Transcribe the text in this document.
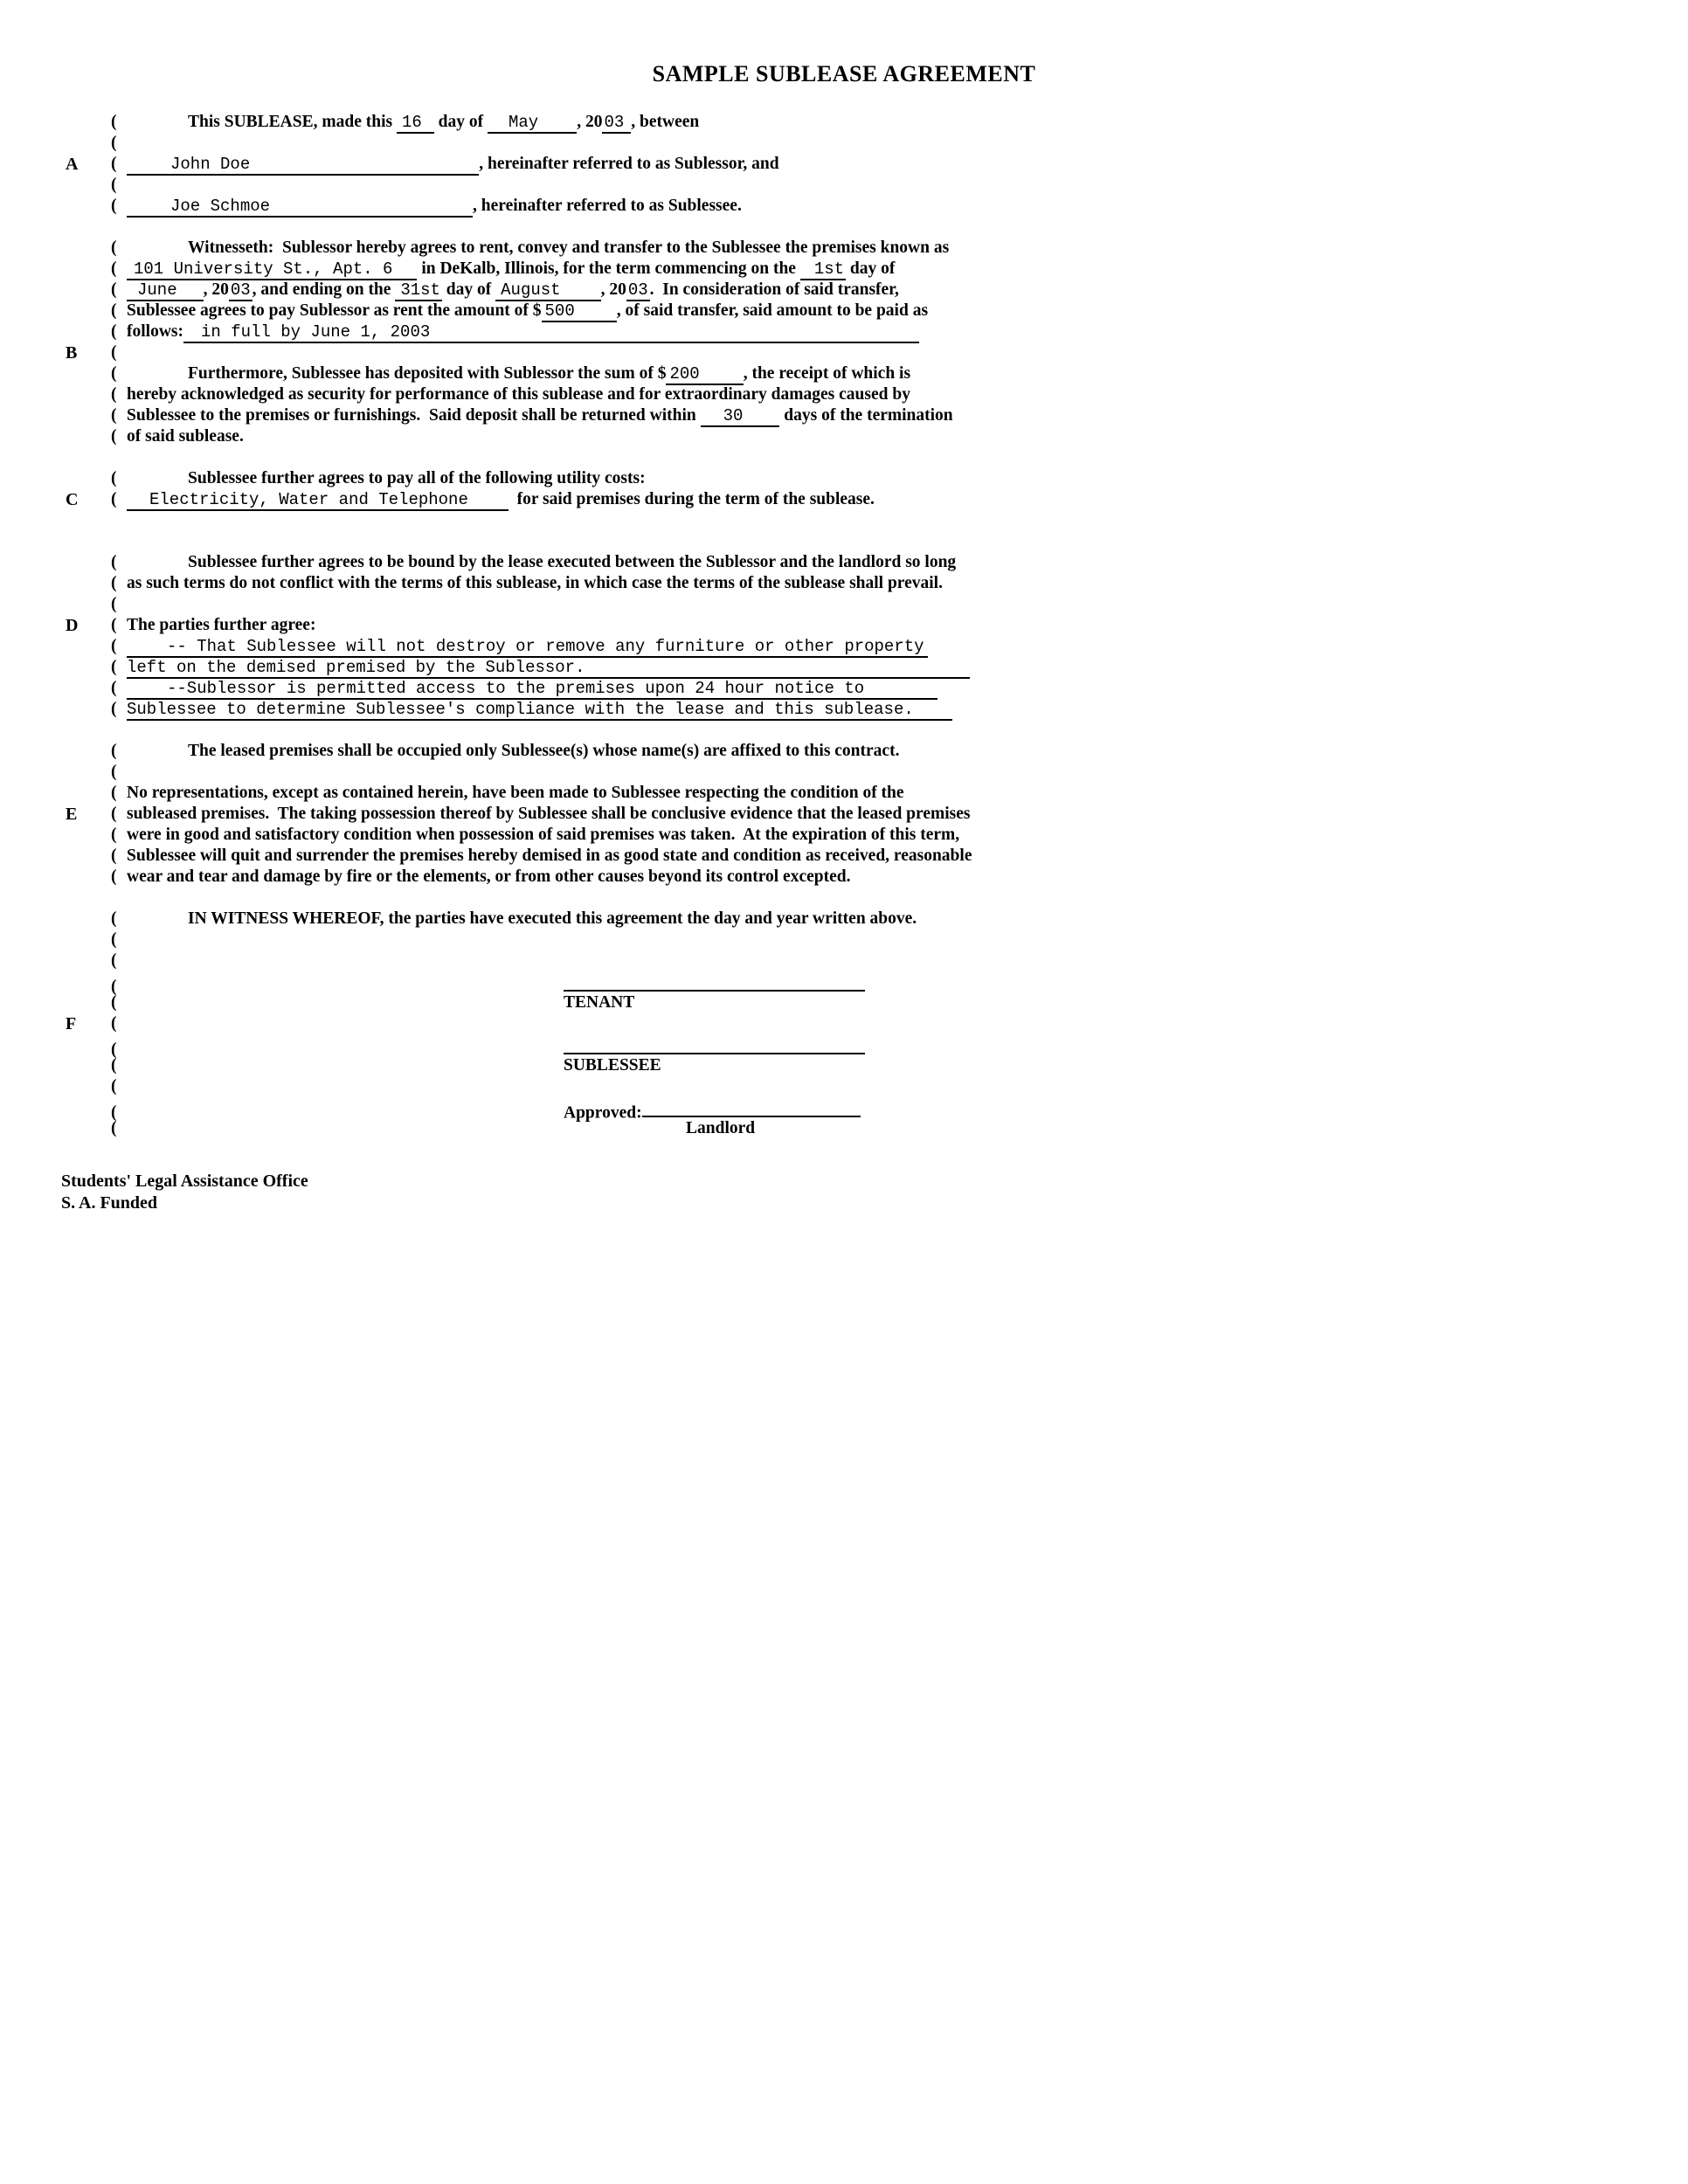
SAMPLE SUBLEASE AGREEMENT
(	This SUBLEASE, made this 16 day of May , 20 03 , between
(
A (	John Doe	, hereinafter referred to as Sublessor, and
(
(	Joe Schmoe	, hereinafter referred to as Sublessee.
(	Witnesseth:  Sublessor hereby agrees to rent, convey and transfer to the Sublessee the premises known as
( 101 University St., Apt. 6 in DeKalb, Illinois, for the term commencing on the 1st day of
( June , 20 03 , and ending on the 31st day of August , 20 03 .  In consideration of said transfer,
( Sublessee agrees to pay Sublessor as rent the amount of $ 500 , of said transfer, said amount to be paid as
( follows: in full by June 1, 2003
B (
(	Furthermore, Sublessee has deposited with Sublessor the sum of $ 200	, the receipt of which is
( hereby acknowledged as security for performance of this sublease and for extraordinary damages caused by
( Sublessee to the premises or furnishings.  Said deposit shall be returned within 30 days of the termination
( of said sublease.
(	Sublessee further agrees to pay all of the following utility costs:
C ( Electricity, Water and Telephone  for said premises during the term of the sublease.
(	Sublessee further agrees to be bound by the lease executed between the Sublessor and the landlord so long
( as such terms do not conflict with the terms of this sublease, in which case the terms of the sublease shall prevail.
(
D ( The parties further agree:
(	-- That Sublessee will not destroy or remove any furniture or other property
( left on the demised premised by the Sublessor.
(	--Sublessor is permitted access to the premises upon 24 hour notice to
( Sublessee to determine Sublessee's compliance with the lease and this sublease.
(	The leased premises shall be occupied only Sublessee(s) whose name(s) are affixed to this contract.
(
( No representations, except as contained herein, have been made to Sublessee respecting the condition of the
E ( subleased premises.  The taking possession thereof by Sublessee shall be conclusive evidence that the leased premises
( were in good and satisfactory condition when possession of said premises was taken.  At the expiration of this term,
( Sublessee will quit and surrender the premises hereby demised in as good state and condition as received, reasonable
( wear and tear and damage by fire or the elements, or from other causes beyond its control excepted.
(	IN WITNESS WHEREOF, the parties have executed this agreement the day and year written above.
(
(
(
(	TENANT
F (
(
(	SUBLESSEE
(
(	Approved:
(	Landlord
Students' Legal Assistance Office
S. A. Funded
